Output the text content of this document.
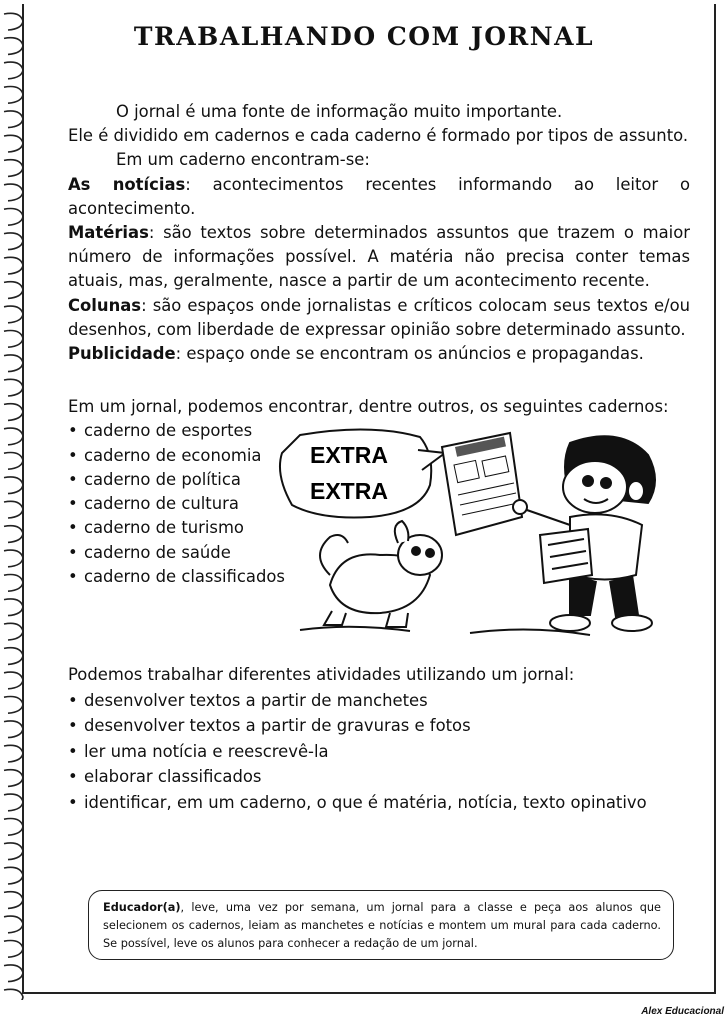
TRABALHANDO COM JORNAL

O jornal é uma fonte de informação muito importante.

Ele é dividido em cadernos e cada caderno é formado por tipos de assunto.

Em um caderno encontram-se:

As notícias: acontecimentos recentes informando ao leitor o acontecimento.

Matérias: são textos sobre determinados assuntos que trazem o maior número de informações possível. A matéria não precisa conter temas atuais, mas, geralmente, nasce a partir de um acontecimento recente.

Colunas: são espaços onde jornalistas e críticos colocam seus textos e/ou desenhos, com liberdade de expressar opinião sobre determinado assunto.

Publicidade: espaço onde se encontram os anúncios e propagandas.

Em um jornal, podemos encontrar, dentre outros, os seguintes cadernos:
• caderno de esportes
• caderno de economia
• caderno de política
• caderno de cultura
• caderno de turismo
• caderno de saúde
• caderno de classificados
EXTRA
EXTRA
Podemos trabalhar diferentes atividades utilizando um jornal:
• desenvolver textos a partir de manchetes
• desenvolver textos a partir de gravuras e fotos
• ler uma notícia e reescrevê-la
• elaborar classificados
• identificar, em um caderno, o que é matéria, notícia, texto opinativo
Educador(a), leve, uma vez por semana, um jornal para a classe e peça aos alunos que selecionem os cadernos, leiam as manchetes e notícias e montem um mural para cada caderno. Se possível, leve os alunos para conhecer a redação de um jornal.
Alex Educacional
